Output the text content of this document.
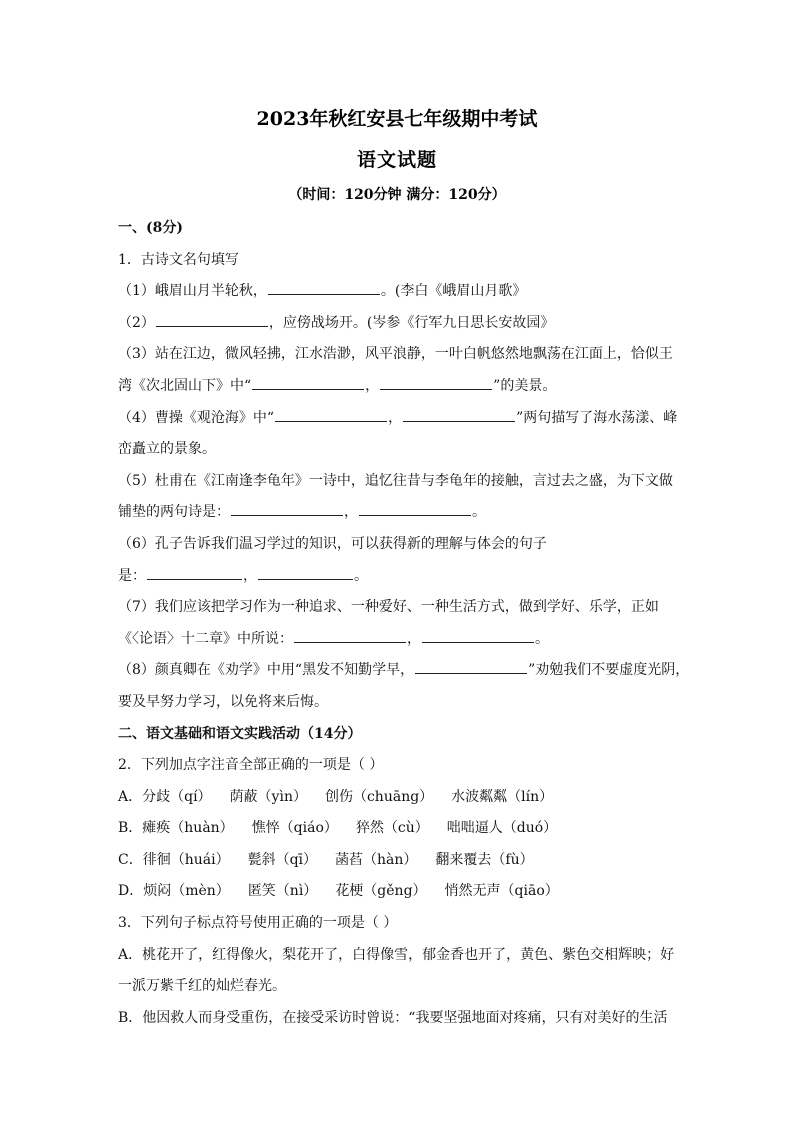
2023年秋红安县七年级期中考试
语文试题
（时间：120分钟 满分：120分）
一、(8分)
1．古诗文名句填写
（1）峨眉山月半轮秋，	。(李白《峨眉山月歌》
（2）	，应傍战场开。(岑参《行军九日思长安故园》
（3）站在江边，微风轻拂，江水浩渺，风平浪静，一叶白帆悠然地飘荡在江面上，恰似王
湾《次北固山下》中“	，	”的美景。
（4）曹操《观沧海》中“	，	”两句描写了海水荡漾、峰
峦矗立的景象。
（5）杜甫在《江南逢李龟年》一诗中，追忆往昔与李龟年的接触，言过去之盛，为下文做
铺垫的两句诗是：	，	。
（6）孔子告诉我们温习学过的知识，可以获得新的理解与体会的句子
是：	，	。
（7）我们应该把学习作为一种追求、一种爱好、一种生活方式，做到学好、乐学，正如
《〈论语〉十二章》中所说：	，	。
（8）颜真卿在《劝学》中用“黑发不知勤学早，	”劝勉我们不要虚度光阴，
要及早努力学习，以免将来后悔。
二、语文基础和语文实践活动（14分）
2．下列加点字注音全部正确的一项是（ ）
A．分歧（qí） 荫蔽（yìn） 创伤（chuāng） 水波粼粼（lín）
B．瘫痪（huàn） 憔悴（qiáo） 猝然（cù） 咄咄逼人（duó）
C．徘徊（huái） 甏斜（qī） 菡萏（hàn） 翻来覆去（fù）
D．烦闷（mèn） 匿笑（nì） 花梗（gěng） 悄然无声（qiāo）
3．下列句子标点符号使用正确的一项是（ ）
A．桃花开了，红得像火，梨花开了，白得像雪，郁金香也开了，黄色、紫色交相辉映；好
一派万紫千红的灿烂春光。
B．他因救人而身受重伤，在接受采访时曾说：“我要坚强地面对疼痛，只有对美好的生活
